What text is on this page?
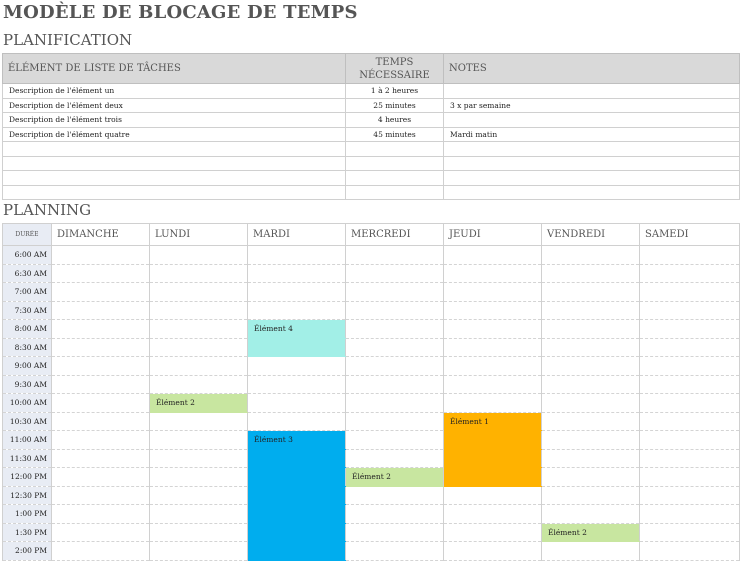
MODÈLE DE BLOCAGE DE TEMPS
PLANIFICATION
ÉLÉMENT DE LISTE DE TÂCHES	TEMPS NÉCESSAIRE	NOTES
Description de l'élément un	1 à 2 heures	
Description de l'élément deux	25 minutes	3 x par semaine
Description de l'élément trois	4 heures	
Description de l'élément quatre	45 minutes	Mardi matin

PLANNING
DURÉE	DIMANCHE	LUNDI	MARDI	MERCREDI	JEUDI	VENDREDI	SAMEDI
6:00 AM							
6:30 AM							
7:00 AM							
7:30 AM							
8:00 AM			Élément 4				
8:30 AM							
9:00 AM							
9:30 AM							
10:00 AM		Élément 2					
10:30 AM					Élément 1		
11:00 AM			Élément 3				
11:30 AM							
12:00 PM				Élément 2			
12:30 PM							
1:00 PM							
1:30 PM						Élément 2	
2:00 PM							
